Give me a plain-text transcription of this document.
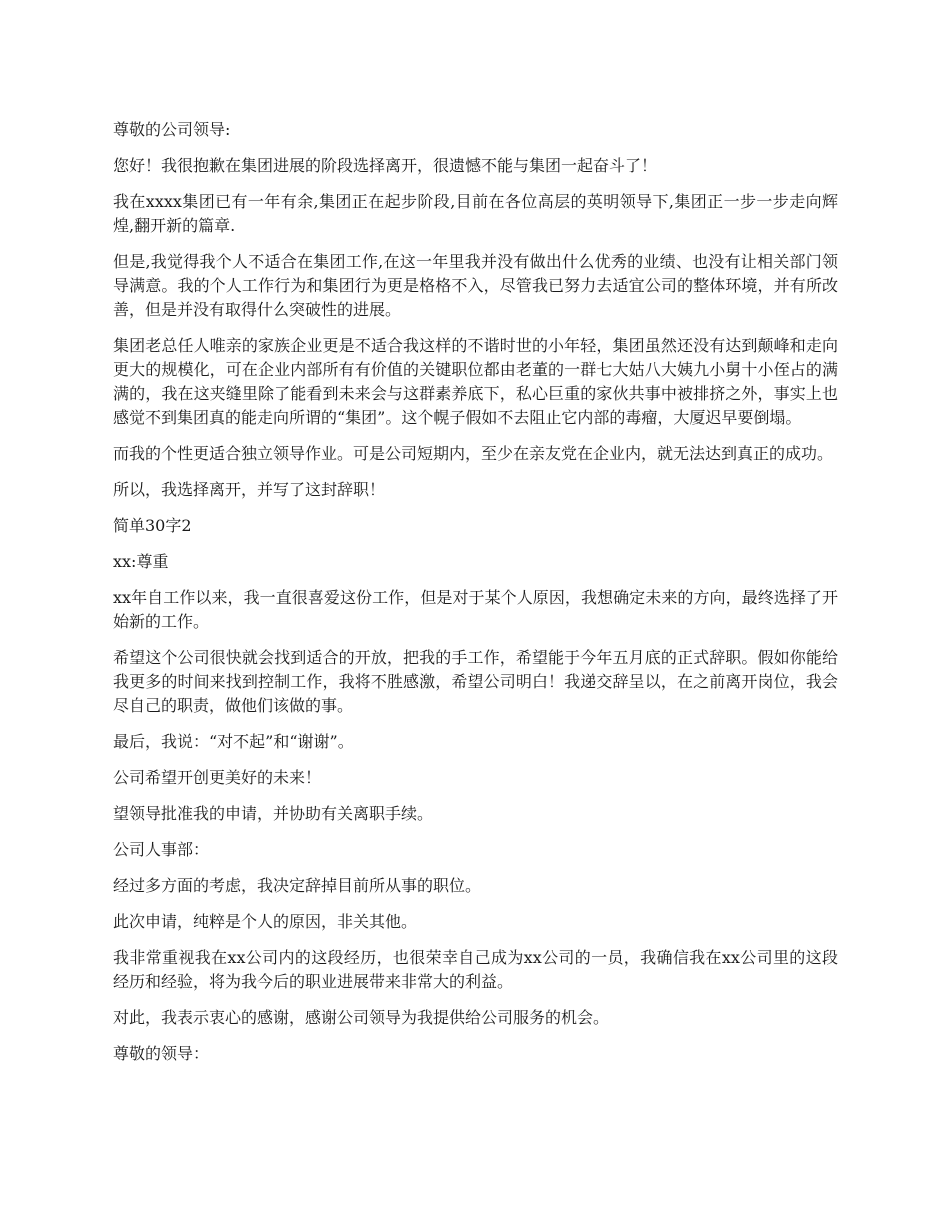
尊敬的公司领导:

您好！我很抱歉在集团进展的阶段选择离开，很遗憾不能与集团一起奋斗了！

我在xxxx集团已有一年有余,集团正在起步阶段,目前在各位高层的英明领导下,集团正一步一步走向辉煌,翻开新的篇章.

但是,我觉得我个人不适合在集团工作,在这一年里我并没有做出什么优秀的业绩、也没有让相关部门领导满意。我的个人工作行为和集团行为更是格格不入，尽管我已努力去适宜公司的整体环境，并有所改善，但是并没有取得什么突破性的进展。

集团老总任人唯亲的家族企业更是不适合我这样的不谐时世的小年轻，集团虽然还没有达到颠峰和走向更大的规模化，可在企业内部所有有价值的关键职位都由老董的一群七大姑八大姨九小舅十小侄占的满满的，我在这夹缝里除了能看到未来会与这群素养底下，私心巨重的家伙共事中被排挤之外，事实上也感觉不到集团真的能走向所谓的“集团”。这个幌子假如不去阻止它内部的毒瘤，大厦迟早要倒塌。

而我的个性更适合独立领导作业。可是公司短期内，至少在亲友党在企业内，就无法达到真正的成功。

所以，我选择离开，并写了这封辞职！

简单30字2

xx:尊重

xx年自工作以来，我一直很喜爱这份工作，但是对于某个人原因，我想确定未来的方向，最终选择了开始新的工作。

希望这个公司很快就会找到适合的开放，把我的手工作，希望能于今年五月底的正式辞职。假如你能给我更多的时间来找到控制工作，我将不胜感激，希望公司明白！我递交辞呈以，在之前离开岗位，我会尽自己的职责，做他们该做的事。

最后，我说：“对不起”和“谢谢”。

公司希望开创更美好的未来！

望领导批准我的申请，并协助有关离职手续。

公司人事部：

经过多方面的考虑，我决定辞掉目前所从事的职位。

此次申请，纯粹是个人的原因，非关其他。

我非常重视我在xx公司内的这段经历，也很荣幸自己成为xx公司的一员，我确信我在xx公司里的这段经历和经验，将为我今后的职业进展带来非常大的利益。

对此，我表示衷心的感谢，感谢公司领导为我提供给公司服务的机会。

尊敬的领导：
